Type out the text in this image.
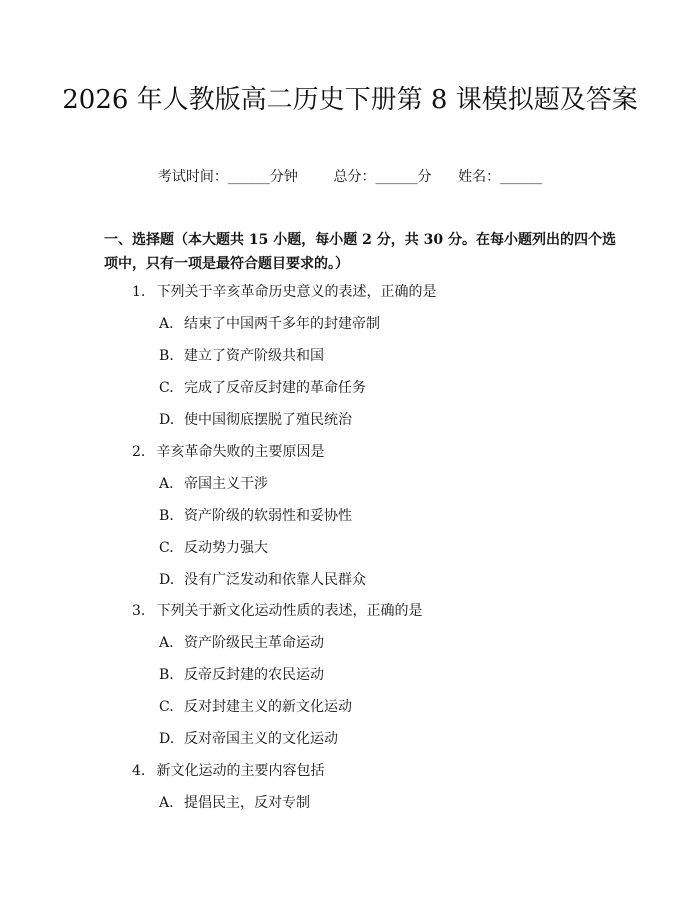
2026 年人教版高二历史下册第 8 课模拟题及答案
考试时间：______分钟	总分：______分 姓名：______
一、选择题（本大题共 15 小题，每小题 2 分，共 30 分。在每小题列出的四个选项中，只有一项是最符合题目要求的。）
1. 下列关于辛亥革命历史意义的表述，正确的是
A. 结束了中国两千多年的封建帝制
B. 建立了资产阶级共和国
C. 完成了反帝反封建的革命任务
D. 使中国彻底摆脱了殖民统治
2. 辛亥革命失败的主要原因是
A. 帝国主义干涉
B. 资产阶级的软弱性和妥协性
C. 反动势力强大
D. 没有广泛发动和依靠人民群众
3. 下列关于新文化运动性质的表述，正确的是
A. 资产阶级民主革命运动
B. 反帝反封建的农民运动
C. 反对封建主义的新文化运动
D. 反对帝国主义的文化运动
4. 新文化运动的主要内容包括
A. 提倡民主，反对专制
